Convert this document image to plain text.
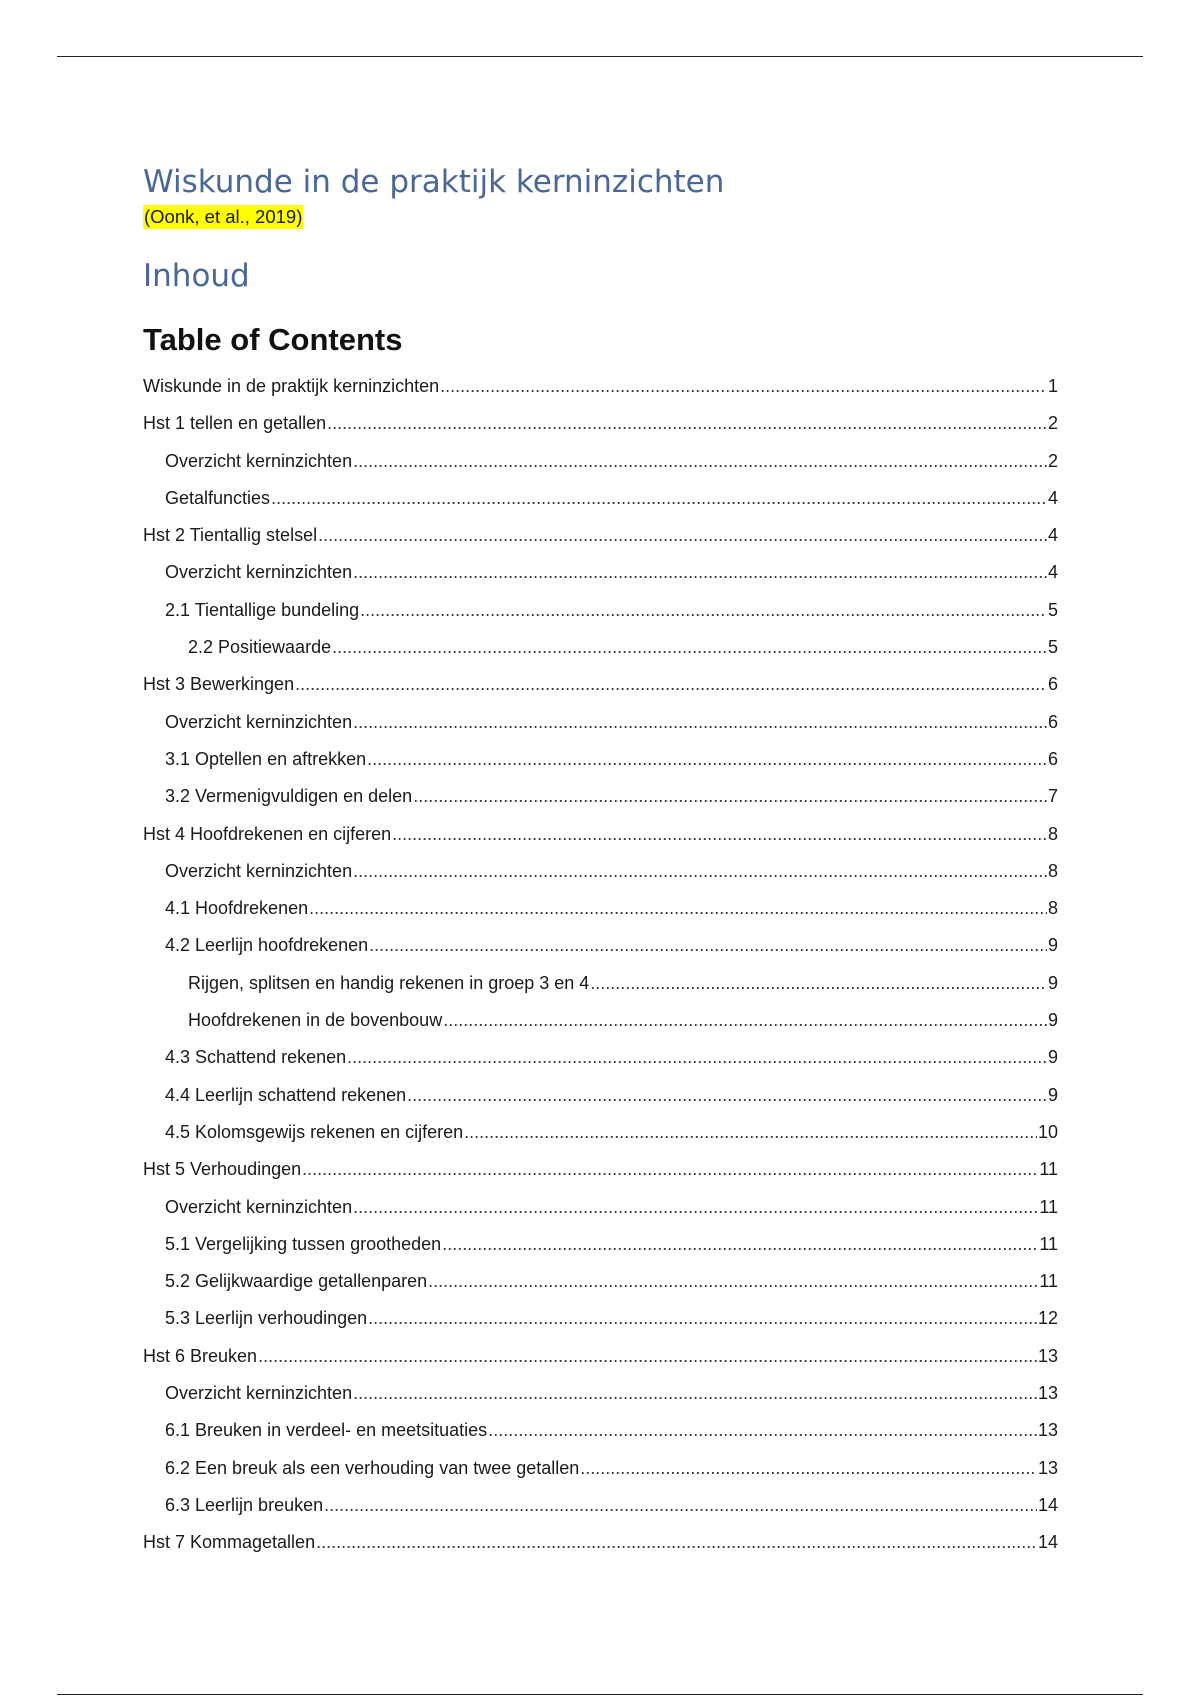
Wiskunde in de praktijk kerninzichten
(Oonk, et al., 2019)
Inhoud
Table of Contents
Wiskunde in de praktijk kerninzichten .....	1
Hst 1 tellen en getallen .....	2
Overzicht kerninzichten .....	2
Getalfuncties .....	4
Hst 2 Tientallig stelsel .....	4
Overzicht kerninzichten .....	4
2.1 Tientallige bundeling .....	5
2.2 Positiewaarde .....	5
Hst 3 Bewerkingen .....	6
Overzicht kerninzichten .....	6
3.1 Optellen en aftrekken .....	6
3.2 Vermenigvuldigen en delen .....	7
Hst 4 Hoofdrekenen en cijferen .....	8
Overzicht kerninzichten .....	8
4.1 Hoofdrekenen .....	8
4.2 Leerlijn hoofdrekenen .....	9
Rijgen, splitsen en handig rekenen in groep 3 en 4 .....	9
Hoofdrekenen in de bovenbouw .....	9
4.3 Schattend rekenen .....	9
4.4 Leerlijn schattend rekenen .....	9
4.5 Kolomsgewijs rekenen en cijferen .....	10
Hst 5 Verhoudingen .....	11
Overzicht kerninzichten .....	11
5.1 Vergelijking tussen grootheden .....	11
5.2 Gelijkwaardige getallenparen .....	11
5.3 Leerlijn verhoudingen .....	12
Hst 6 Breuken .....	13
Overzicht kerninzichten .....	13
6.1 Breuken in verdeel- en meetsituaties .....	13
6.2 Een breuk als een verhouding van twee getallen .....	13
6.3 Leerlijn breuken .....	14
Hst 7 Kommagetallen .....	14
